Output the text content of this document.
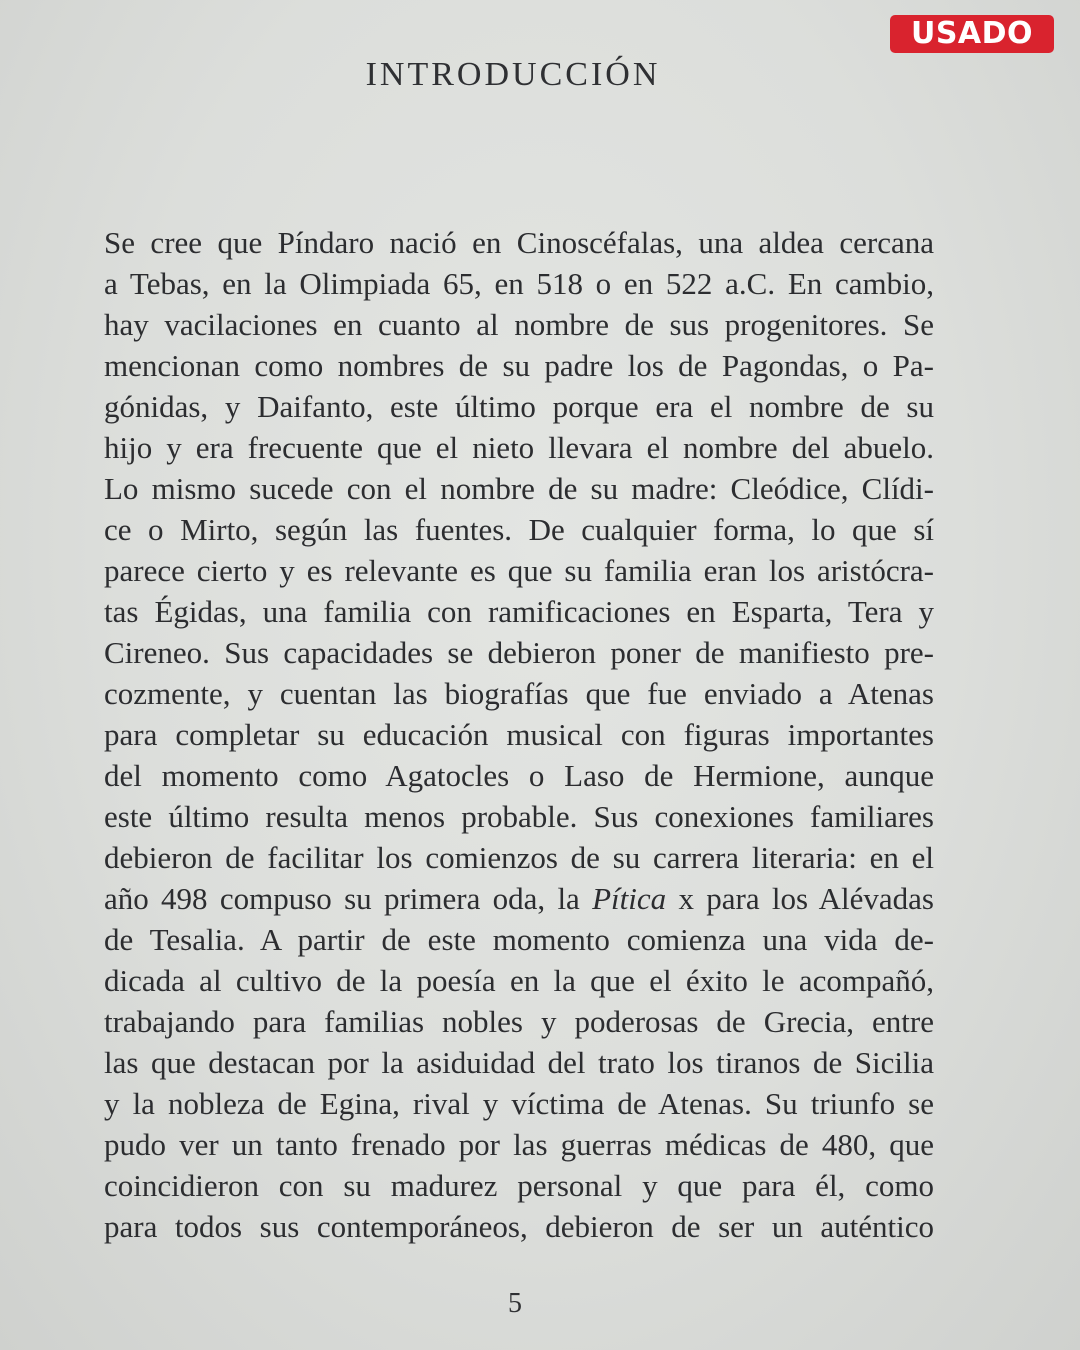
USADO
INTRODUCCIÓN
Se cree que Píndaro nació en Cinoscéfalas, una aldea cercana
a Tebas, en la Olimpiada 65, en 518 o en 522 a.C. En cambio,
hay vacilaciones en cuanto al nombre de sus progenitores. Se
mencionan como nombres de su padre los de Pagondas, o Pa-
gónidas, y Daifanto, este último porque era el nombre de su
hijo y era frecuente que el nieto llevara el nombre del abuelo.
Lo mismo sucede con el nombre de su madre: Cleódice, Clídi-
ce o Mirto, según las fuentes. De cualquier forma, lo que sí
parece cierto y es relevante es que su familia eran los aristócra-
tas Égidas, una familia con ramificaciones en Esparta, Tera y
Cireneo. Sus capacidades se debieron poner de manifiesto pre-
cozmente, y cuentan las biografías que fue enviado a Atenas
para completar su educación musical con figuras importantes
del momento como Agatocles o Laso de Hermione, aunque
este último resulta menos probable. Sus conexiones familiares
debieron de facilitar los comienzos de su carrera literaria: en el
año 498 compuso su primera oda, la Pítica x para los Alévadas
de Tesalia. A partir de este momento comienza una vida de-
dicada al cultivo de la poesía en la que el éxito le acompañó,
trabajando para familias nobles y poderosas de Grecia, entre
las que destacan por la asiduidad del trato los tiranos de Sicilia
y la nobleza de Egina, rival y víctima de Atenas. Su triunfo se
pudo ver un tanto frenado por las guerras médicas de 480, que
coincidieron con su madurez personal y que para él, como
para todos sus contemporáneos, debieron de ser un auténtico
5
